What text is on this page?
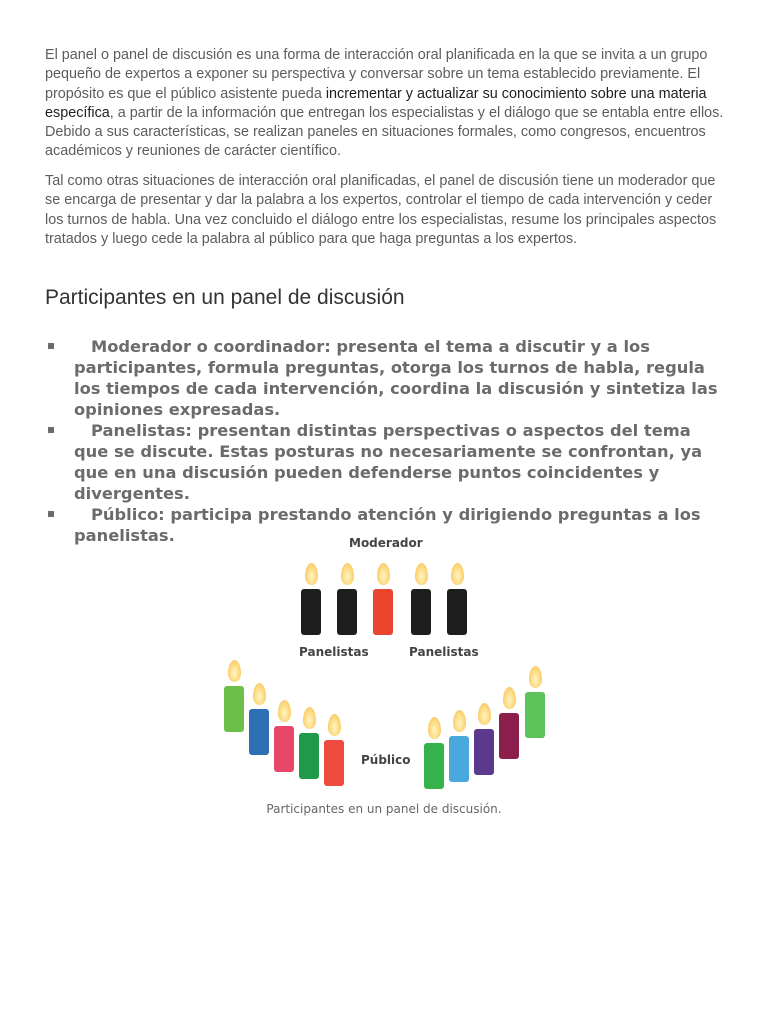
El panel o panel de discusión es una forma de interacción oral planificada en la que se invita a un grupo pequeño de expertos a exponer su perspectiva y conversar sobre un tema establecido previamente. El propósito es que el público asistente pueda incrementar y actualizar su conocimiento sobre una materia específica, a partir de la información que entregan los especialistas y el diálogo que se entabla entre ellos. Debido a sus características, se realizan paneles en situaciones formales, como congresos, encuentros académicos y reuniones de carácter científico.

Tal como otras situaciones de interacción oral planificadas, el panel de discusión tiene un moderador que se encarga de presentar y dar la palabra a los expertos, controlar el tiempo de cada intervención y ceder los turnos de habla. Una vez concluido el diálogo entre los especialistas, resume los principales aspectos tratados y luego cede la palabra al público para que haga preguntas a los expertos.

Participantes en un panel de discusión
Moderador o coordinador: presenta el tema a discutir y a los participantes, formula preguntas, otorga los turnos de habla, regula los tiempos de cada intervención, coordina la discusión y sintetiza las opiniones expresadas.
Panelistas: presentan distintas perspectivas o aspectos del tema que se discute. Estas posturas no necesariamente se confrontan, ya que en una discusión pueden defenderse puntos coincidentes y divergentes.
Público: participa prestando atención y dirigiendo preguntas a los panelistas.	Moderador
Panelistas	Panelistas
Público
Participantes en un panel de discusión.
